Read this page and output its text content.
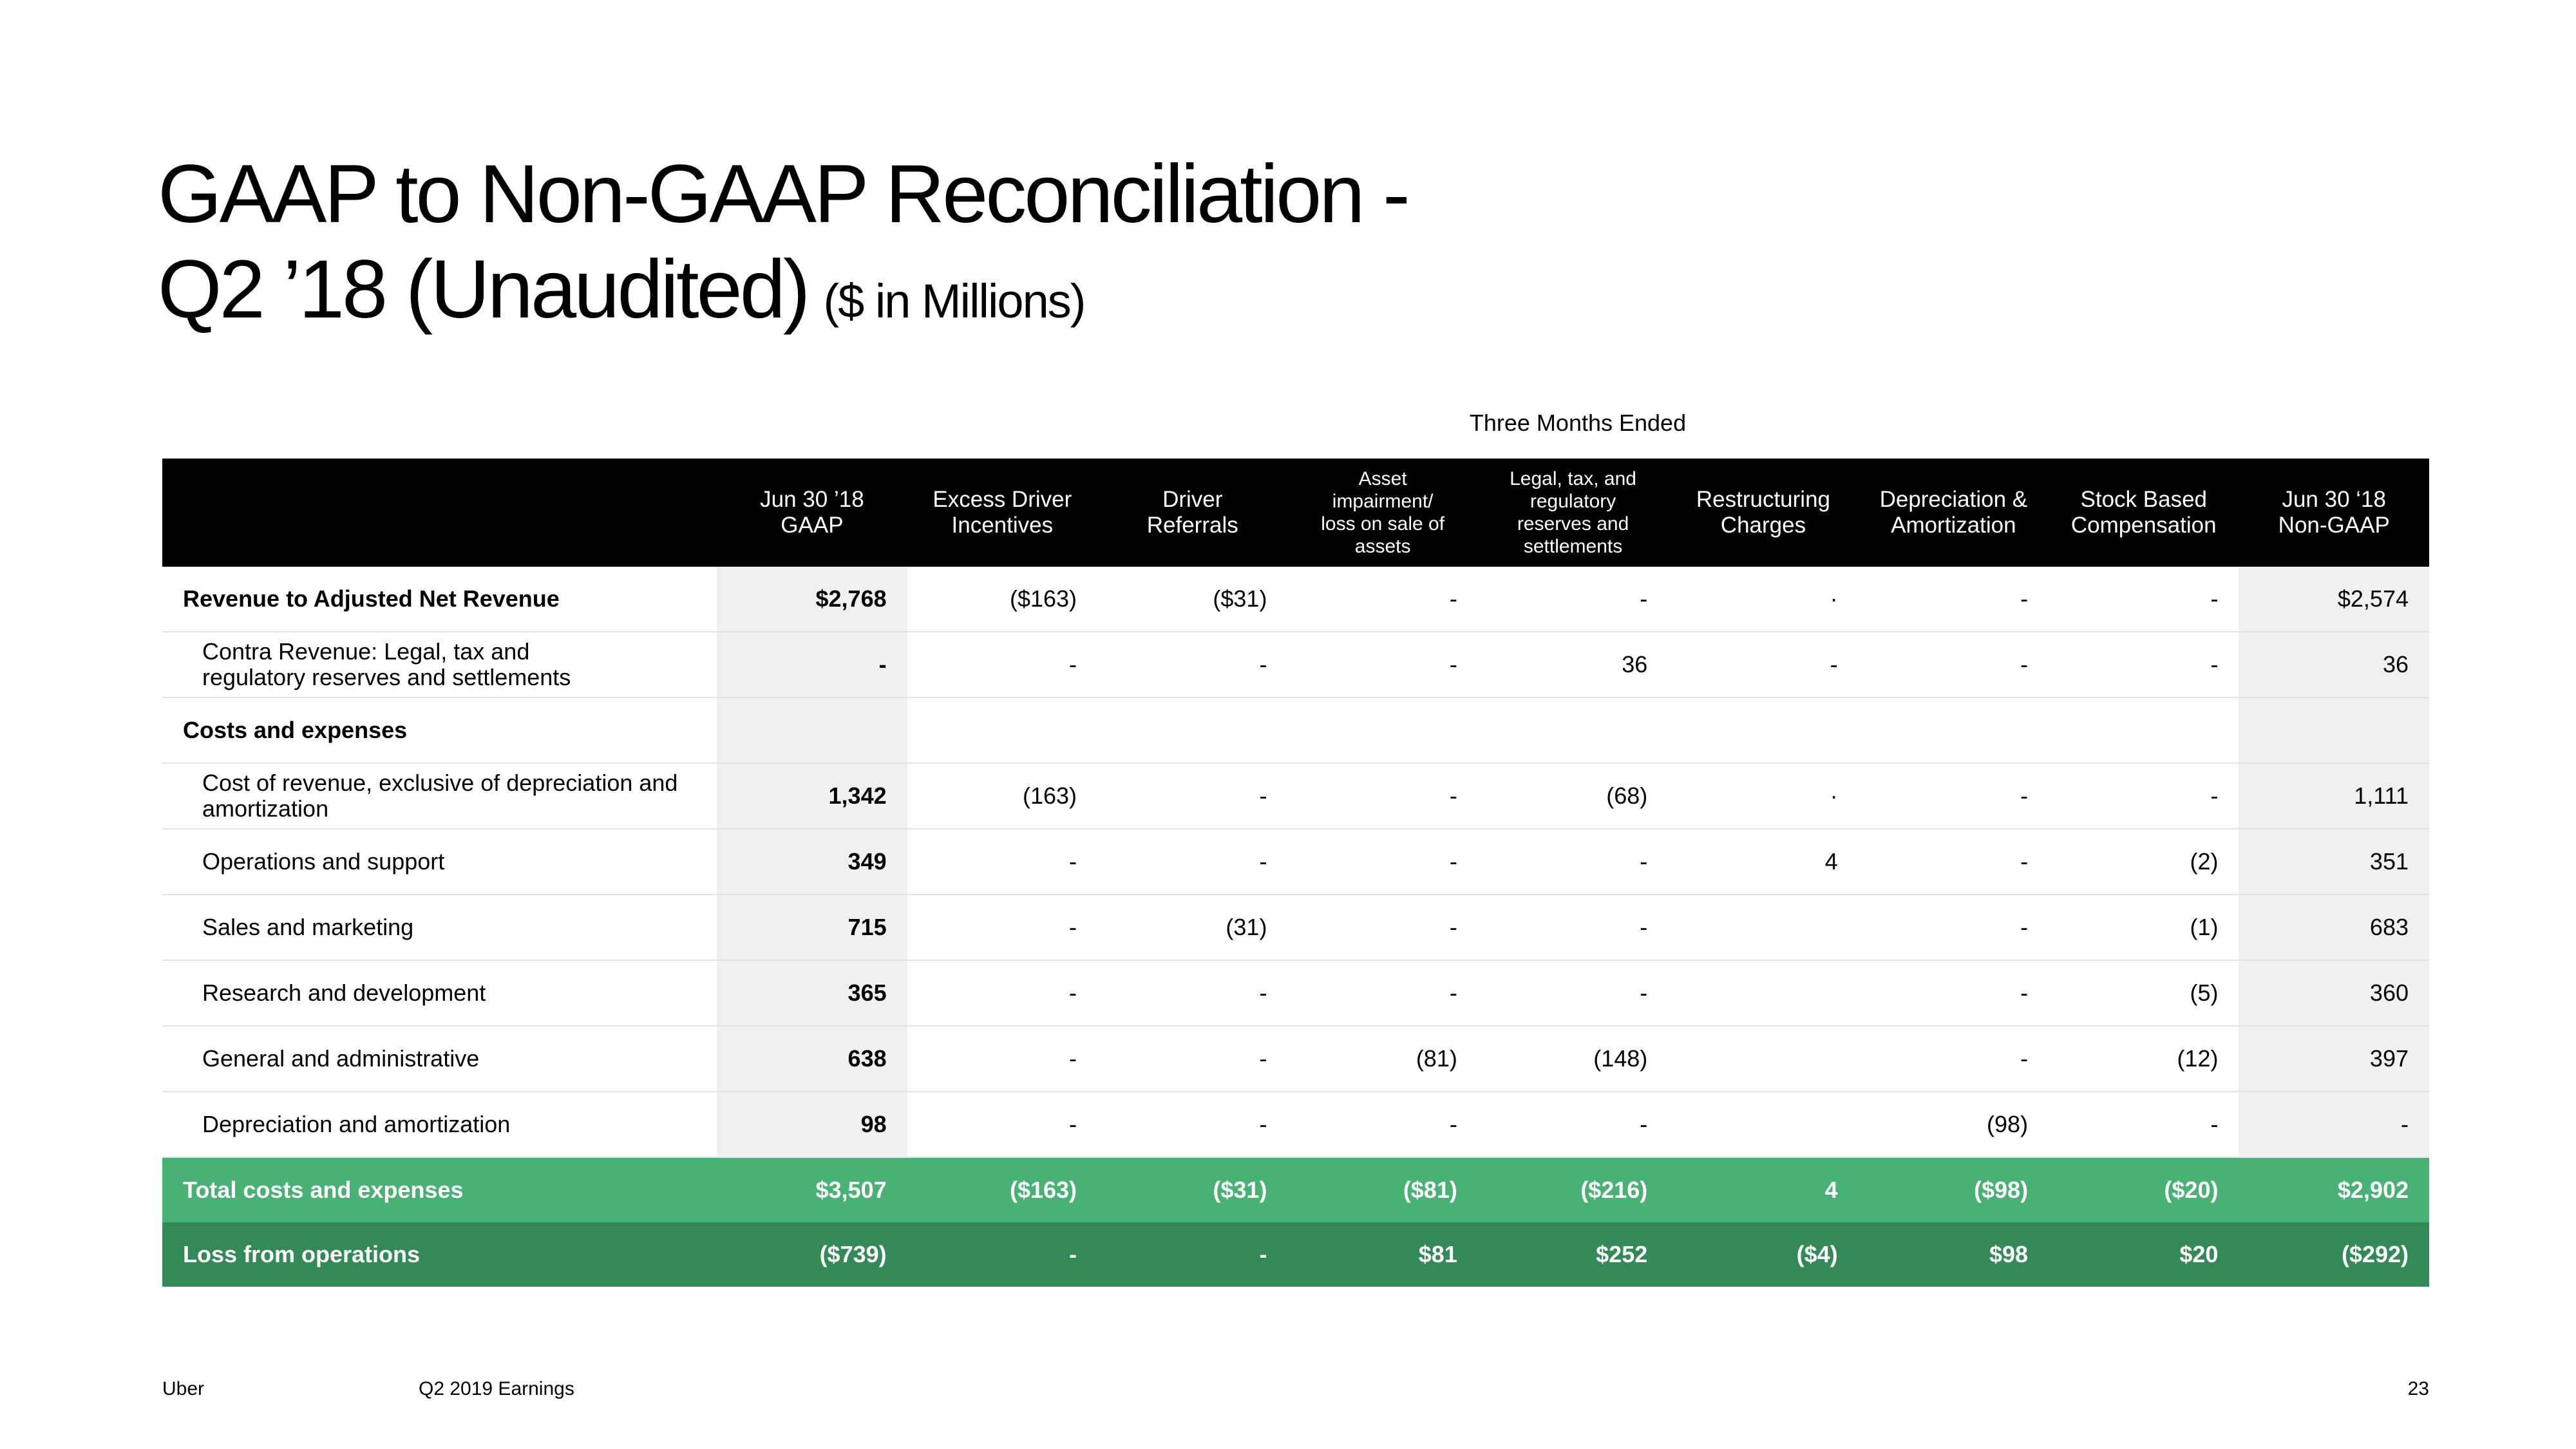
GAAP to Non-GAAP Reconciliation -
Q2 ’18 (Unaudited) ($ in Millions)
Three Months Ended
	Jun 30 ’18
GAAP	Excess Driver
Incentives	Driver
Referrals	Asset
impairment/
loss on sale of
assets	Legal, tax, and
regulatory
reserves and
settlements	Restructuring
Charges	Depreciation &
Amortization	Stock Based
Compensation	Jun 30 ‘18
Non-GAAP
Revenue to Adjusted Net Revenue	$2,768	($163)	($31)	-	-	·	-	-	$2,574
Contra Revenue: Legal, tax and
regulatory reserves and settlements	-	-	-	-	36	-	-	-	36
Costs and expenses									
Cost of revenue, exclusive of depreciation and
amortization	1,342	(163)	-	-	(68)	·	-	-	1,111
Operations and support	349	-	-	-	-	4	-	(2)	351
Sales and marketing	715	-	(31)	-	-		-	(1)	683
Research and development	365	-	-	-	-		-	(5)	360
General and administrative	638	-	-	(81)	(148)		-	(12)	397
Depreciation and amortization	98	-	-	-	-		(98)	-	-
Total costs and expenses	$3,507	($163)	($31)	($81)	($216)	4	($98)	($20)	$2,902
Loss from operations	($739)	-	-	$81	$252	($4)	$98	$20	($292)
Uber	Q2 2019 Earnings	23
